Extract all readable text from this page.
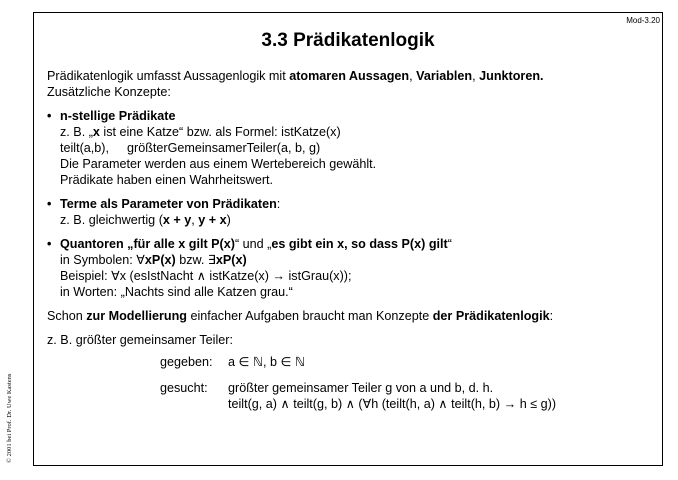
Mod-3.20
© 2001 bei Prof. Dr. Uwe Kastens
3.3 Prädikatenlogik

Prädikatenlogik umfasst Aussagenlogik mit atomaren Aussagen, Variablen, Junktoren.
Zusätzliche Konzepte:

• n-stellige Prädikate
z. B. „x ist eine Katze“ bzw. als Formel: istKatze(x)
teilt(a,b), größterGemeinsamerTeiler(a, b, g)
Die Parameter werden aus einem Wertebereich gewählt.
Prädikate haben einen Wahrheitswert.
• Terme als Parameter von Prädikaten:
z. B. gleichwertig (x + y, y + x)
• Quantoren „für alle x gilt P(x)“ und „es gibt ein x, so dass P(x) gilt“
in Symbolen: ∀xP(x) bzw. ∃xP(x)
Beispiel: ∀x (esIstNacht ∧ istKatze(x) → istGrau(x));
in Worten: „Nachts sind alle Katzen grau.“

Schon zur Modellierung einfacher Aufgaben braucht man Konzepte der Prädikatenlogik:

z. B. größter gemeinsamer Teiler:

gegeben: a ∈ ℕ, b ∈ ℕ
gesucht: größter gemeinsamer Teiler g von a und b, d. h.
teilt(g, a) ∧ teilt(g, b) ∧ (∀h (teilt(h, a) ∧ teilt(h, b) → h ≤ g))
